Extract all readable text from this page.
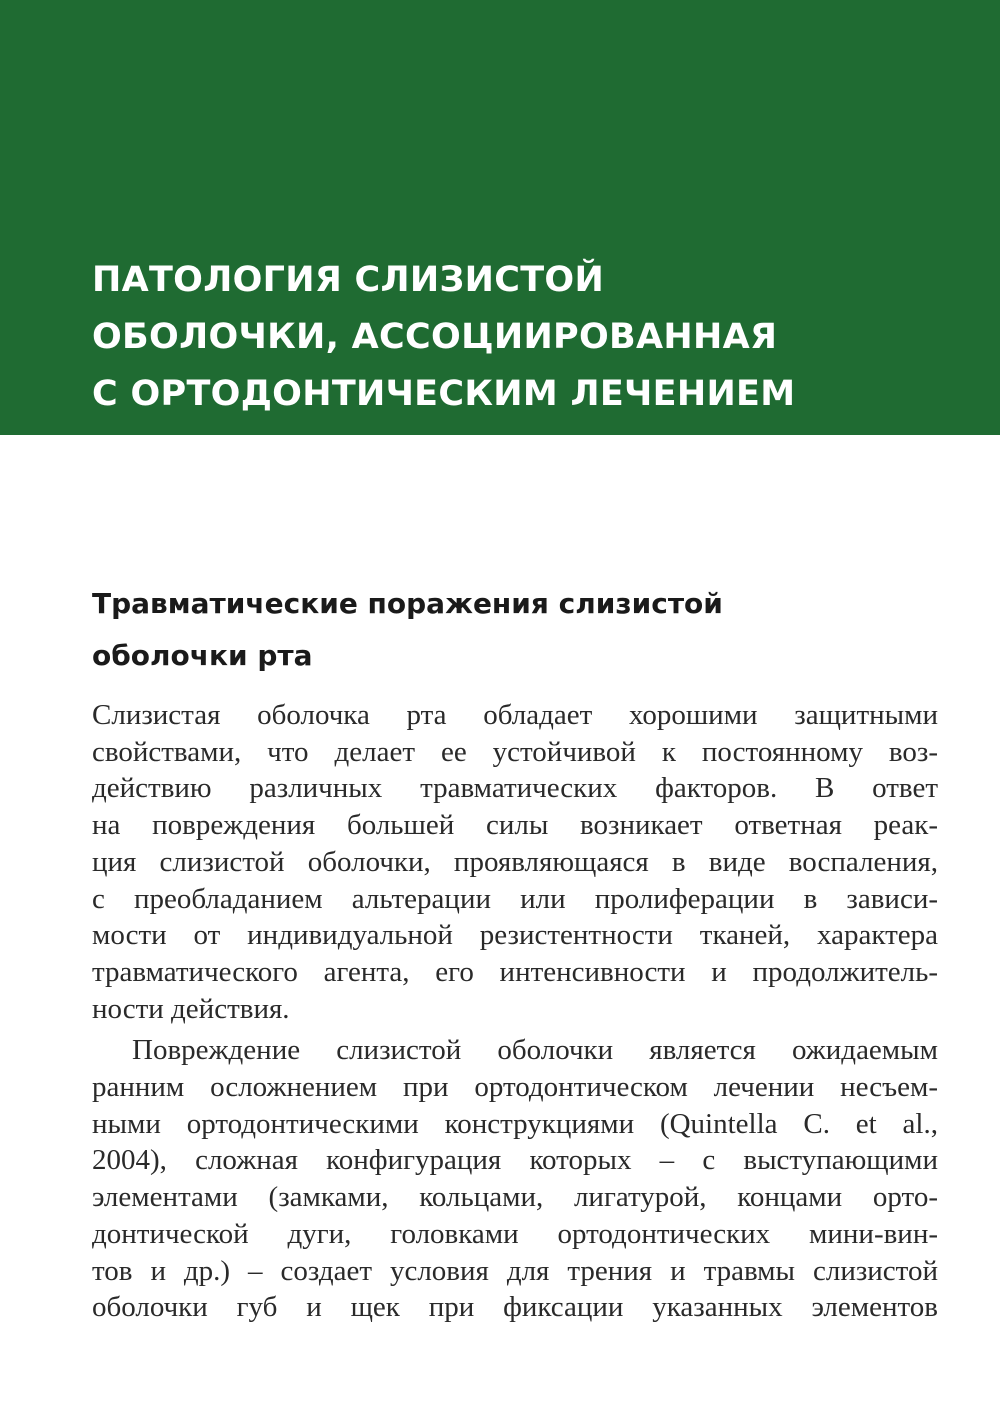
ПАТОЛОГИЯ СЛИЗИСТОЙ
ОБОЛОЧКИ, АССОЦИИРОВАННАЯ
С ОРТОДОНТИЧЕСКИМ ЛЕЧЕНИЕМ
Травматические поражения слизистой
оболочки рта

Слизистая оболочка рта обладает хорошими защитными
свойствами, что делает ее устойчивой к постоянному воз-
действию различных травматических факторов. В ответ
на повреждения большей силы возникает ответная реак-
ция слизистой оболочки, проявляющаяся в виде воспаления,
с преобладанием альтерации или пролиферации в зависи-
мости от индивидуальной резистентности тканей, характера
травматического агента, его интенсивности и продолжитель-
ности действия.

Повреждение слизистой оболочки является ожидаемым
ранним осложнением при ортодонтическом лечении несъем-
ными ортодонтическими конструкциями (Quintella C. et al.,
2004), сложная конфигурация которых – с выступающими
элементами (замками, кольцами, лигатурой, концами орто-
донтической дуги, головками ортодонтических мини-вин-
тов и др.) – создает условия для трения и травмы слизистой
оболочки губ и щек при фиксации указанных элементов
